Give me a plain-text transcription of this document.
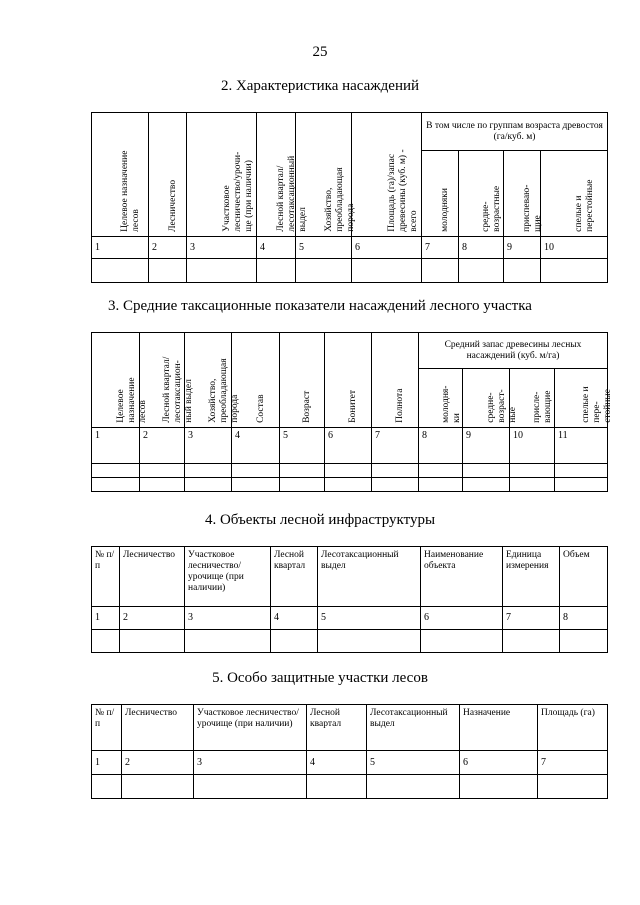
25
2. Характеристика насаждений
Целевое назначение лесов	Лесничество	Участковое лесничество/урочи- ще (при наличии)	Лесной квартал/ лесотаксационный выдел	Хозяйство, преобладающая порода	Площадь (га)/запас древесины (куб. м) - всего	В том числе по группам возраста древостоя (га/куб. м)			

						молодняки	средне- возрастные	приспеваю- щие	спелые и перестойные

1	2	3	4	5	6	7	8	9	10

3. Средние таксационные показатели насаждений лесного участка
Целевое назначение лесов	Лесной квартал/ лесотаксацион- ный выдел	Хозяйство, преобладающая порода	Состав	Возраст	Бонитет	Полнота	Средний запас древесины лесных насаждений (куб. м/га)			

							молодня- ки	средне- возраст- ные	присле- вающие	спелые и пере- стойные

1	2	3	4	5	6	7	8	9	10	11

4. Объекты лесной инфраструктуры
№ п/п	Лесничество	Участковое лесничество/ урочище (при наличии)	Лесной квартал	Лесотаксационный выдел	Наименование объекта	Единица измерения	Объем
1	2	3	4	5	6	7	8

5. Особо защитные участки лесов
№ п/п	Лесничество	Участковое лесничество/урочище (при наличии)	Лесной квартал	Лесотаксационный выдел	Назначение	Площадь (га)
1	2	3	4	5	6	7
